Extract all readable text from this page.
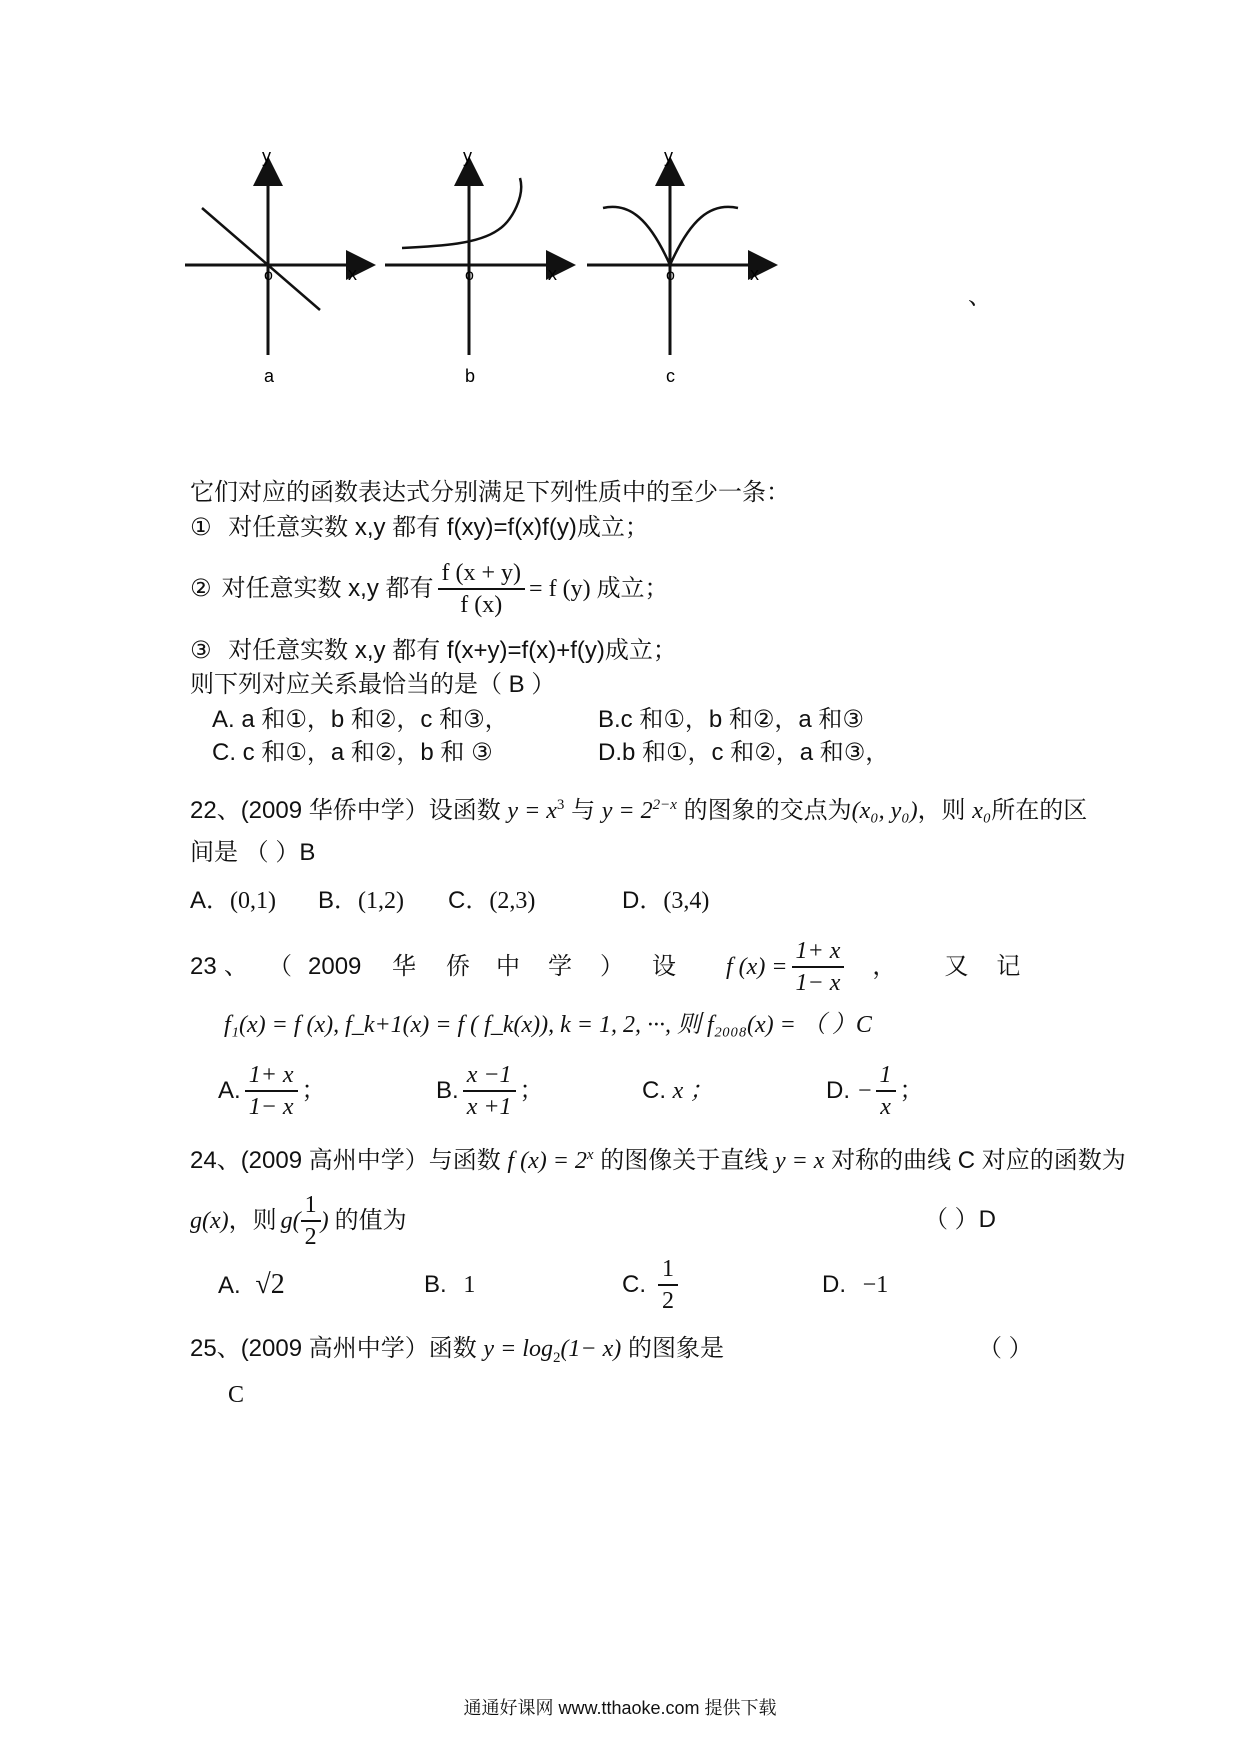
y
x
o
a
y
x
o
b
y
x
o
c
、
它们对应的函数表达式分别满足下列性质中的至少一条：
① 对任意实数 x,y 都有 f(xy)=f(x)f(y)成立；
② 对任意实数 x,y 都有 $\frac{f (x + y)}{f (x)} = f$ (y) 成立；
③ 对任意实数 x,y 都有 f(x+y)=f(x)+f(y)成立；
则下列对应关系最恰当的是（ B ）
A. a 和①，b 和②，c 和③，	B.c 和①，b 和②，a 和③
C. c 和①，a 和②，b 和 ③	D.b 和①，c 和②，a 和③，
22、(2009 华侨中学）设函数 $y = x^3$ 与 $y = 2^{2-x}$ 的图象的交点为(x₀, y₀)，则 x₀所在的区
间是 （ ）B
A．(0,1) B．(1,2) C．(2,3)	D．(3,4)
23 、 （ 2009	华	侨	中	学	）	设	f $(x) = \frac{1+ x}{1- x}$ ，	又	记
f₁(x) = f (x), f_k+1(x) = f ( f_k(x)), k = 1, 2, ···, 则 f₂₀₀₈(x) = （ ）C
A. $\frac{1+ x}{1- x}$ ；	B. $\frac{x -1}{x +1}$ ；	C. x ；	D. − $\frac{1}{x}$ ；
24、(2009 高州中学）与函数 f $(x) = 2^x$ 的图像关于直线 y = x 对称的曲线 C 对应的函数为
g(x) ，则 $g( \frac{1}{2}$ ) 的值为	（ ）D
A. √2	B. 1	C. $\frac{1}{2}$	D. −1
25、(2009 高州中学）函数 $y = \log_2(1- x)$ 的图象是	（ ）
C
通通好课网 www.tthaoke.com 提供下载
